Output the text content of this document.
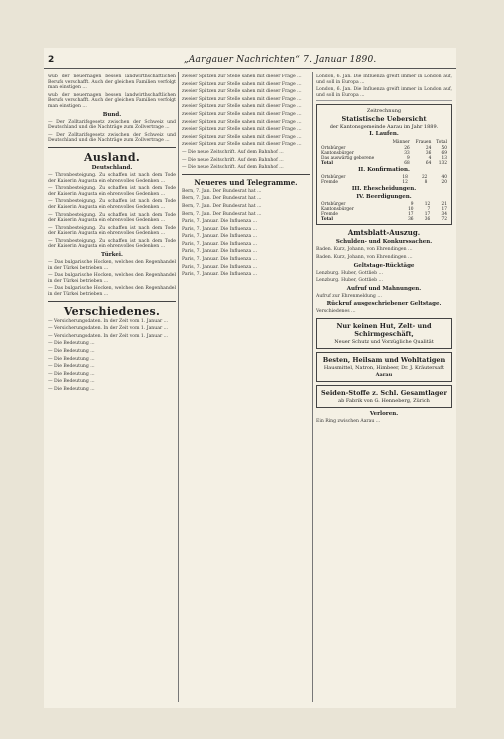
2	„Aargauer Nachrichten“ 7. Januar 1890.

wub der neuernagen bessen landwirthschaftlichen Berufs verschafft. Auch der gleichen Familien verfolgt man einstigen ...

wub der neuernagen bessen landwirthschaftlichen Berufs verschafft. Auch der gleichen Familien verfolgt man einstigen ...

Bund.

— Der Zolltarifsgesetz zwischen der Schweiz und Deutschland und die Nachträge zum Zollvertrage ...

— Der Zolltarifsgesetz zwischen der Schweiz und Deutschland und die Nachträge zum Zollvertrage ...

Ausland.
Deutschland.

— Thronbesteigung. Zu schaffen ist nach dem Tode der Kaiserin Augusta ein ehrenvolles Gedenken …

— Thronbesteigung. Zu schaffen ist nach dem Tode der Kaiserin Augusta ein ehrenvolles Gedenken …

— Thronbesteigung. Zu schaffen ist nach dem Tode der Kaiserin Augusta ein ehrenvolles Gedenken …

— Thronbesteigung. Zu schaffen ist nach dem Tode der Kaiserin Augusta ein ehrenvolles Gedenken …

— Thronbesteigung. Zu schaffen ist nach dem Tode der Kaiserin Augusta ein ehrenvolles Gedenken …

— Thronbesteigung. Zu schaffen ist nach dem Tode der Kaiserin Augusta ein ehrenvolles Gedenken …

Türkei.

— Das bulgarische Hocken, welches den Regenhandel in der Türkei betrieben ...

— Das bulgarische Hocken, welches den Regenhandel in der Türkei betrieben ...

— Das bulgarische Hocken, welches den Regenhandel in der Türkei betrieben ...

Verschiedenes.

— Versicherungsdaten. In der Zeit vom 1. Januar ...

— Versicherungsdaten. In der Zeit vom 1. Januar ...

— Versicherungsdaten. In der Zeit vom 1. Januar ...

— Die Bedeutung ...

— Die Bedeutung ...

— Die Bedeutung ...

— Die Bedeutung ...

— Die Bedeutung ...

— Die Bedeutung ...

— Die Bedeutung ...

zweier Spitzen zur Stelle sahen mit dieser Frage ...

zweier Spitzen zur Stelle sahen mit dieser Frage ...

zweier Spitzen zur Stelle sahen mit dieser Frage ...

zweier Spitzen zur Stelle sahen mit dieser Frage ...

zweier Spitzen zur Stelle sahen mit dieser Frage ...

zweier Spitzen zur Stelle sahen mit dieser Frage ...

zweier Spitzen zur Stelle sahen mit dieser Frage ...

zweier Spitzen zur Stelle sahen mit dieser Frage ...

zweier Spitzen zur Stelle sahen mit dieser Frage ...

zweier Spitzen zur Stelle sahen mit dieser Frage ...

— Die neue Zeitschrift. Auf dem Bahnhof ...

— Die neue Zeitschrift. Auf dem Bahnhof ...

— Die neue Zeitschrift. Auf dem Bahnhof ...

Neueres und Telegramme.

Bern, 7. Jan. Der Bundesrat hat ...

Bern, 7. Jan. Der Bundesrat hat ...

Bern, 7. Jan. Der Bundesrat hat ...

Bern, 7. Jan. Der Bundesrat hat ...

Paris, 7. Januar. Die Influenza ...

Paris, 7. Januar. Die Influenza ...

Paris, 7. Januar. Die Influenza ...

Paris, 7. Januar. Die Influenza ...

Paris, 7. Januar. Die Influenza ...

Paris, 7. Januar. Die Influenza ...

Paris, 7. Januar. Die Influenza ...

Paris, 7. Januar. Die Influenza ...

London, 6. Jan. Die Influenza greift immer in London auf, und soll in Europa ...

London, 6. Jan. Die Influenza greift immer in London auf, und soll in Europa ...

Zeitrechnung
Statistische Uebersicht
der Kantonsgemeinde Aarau im Jahr 1889.
I. Laufen.
	Männer	Frauen	Total
Ortsbürger	26	24	50
Kantonsbürger	33	36	69
Das auswärtig geborene	9	4	13
Total	68	64	132
II. Konfirmation.
Ortsbürger	18	22	40
Fremde	12	8	20
III. Ehescheidungen.
IV. Beerdigungen.
Ortsbürger	9	12	21
Kantonsbürger	10	7	17
Fremde	17	17	34
Total	36	36	72
Amtsblatt-Auszug.
Schulden- und Konkurssachen.

Baden. Kurz, Johann, von Ehrendingen …

Baden. Kurz, Johann, von Ehrendingen …

Geltstage-Rücktäge

Lenzburg. Huber, Gottlieb …

Lenzburg. Huber, Gottlieb …

Aufruf und Mahnungen.

Aufruf zur Ehrenmeldung …

Rückruf ausgeschriebener Geltstage.

Verschiedenes …

Nur keinen Hut, Zelt- und Schirmgeschäft,
Neuer Schutz und Vorzügliche Qualität
Besten, Heilsam und Wohltatigen
Hausmittel, Natron, Himbeer, Dr. J. Kräutersaft
Aarau
Seiden-Stoffe z. Schl. Gesamtlager
ab Fabrik von G. Henneberg, Zürich
Verloren.

Ein Ring zwischen Aarau ...
